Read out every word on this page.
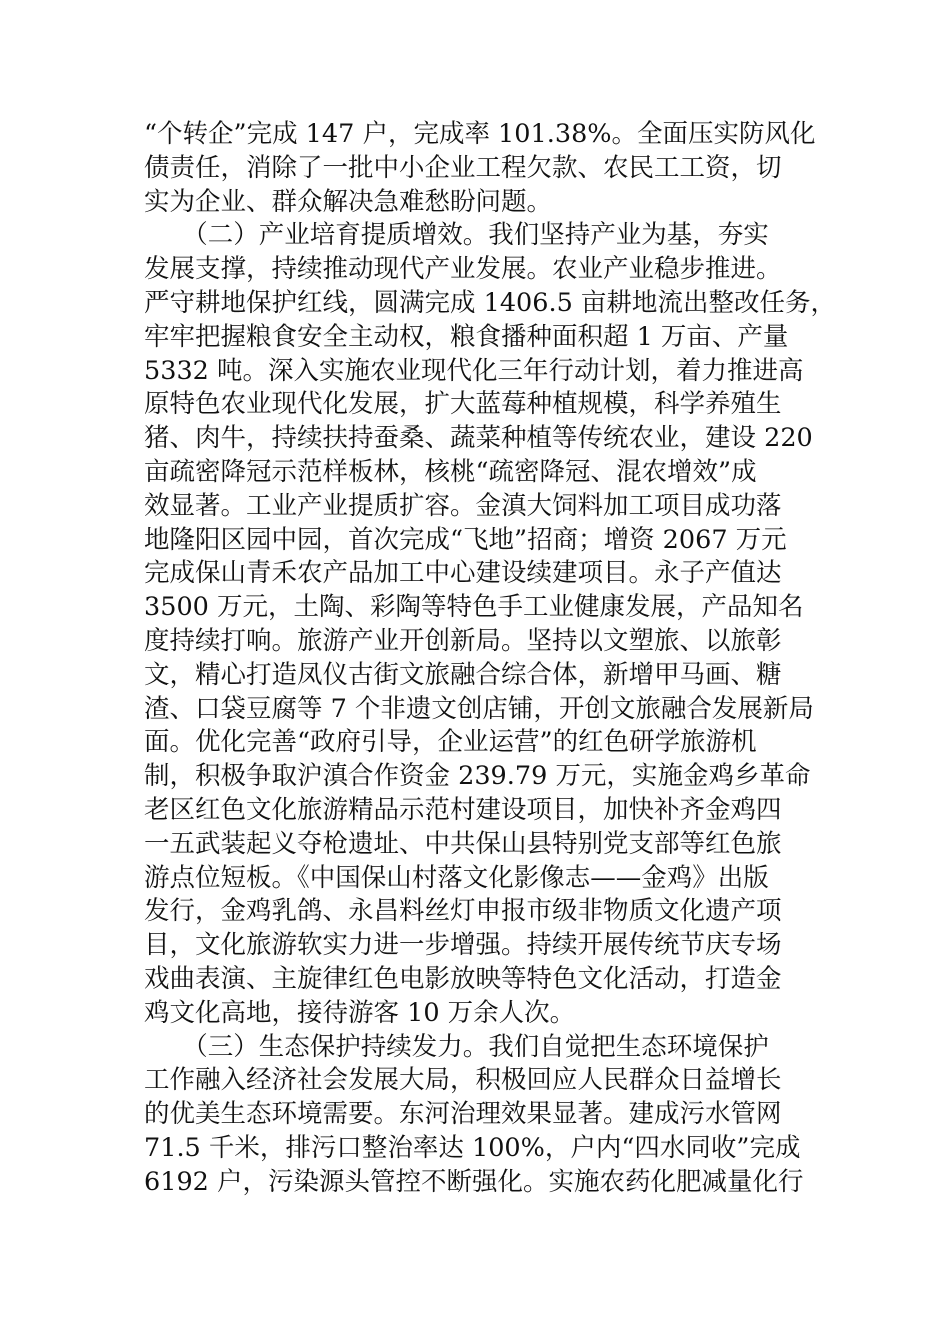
“个转企”完成 147 户，完成率 101.38%。全面压实防风化
债责任，消除了一批中小企业工程欠款、农民工工资，切
实为企业、群众解决急难愁盼问题。
　　（二）产业培育提质增效。我们坚持产业为基，夯实
发展支撑，持续推动现代产业发展。农业产业稳步推进。
严守耕地保护红线，圆满完成 1406.5 亩耕地流出整改任务，
牢牢把握粮食安全主动权，粮食播种面积超 1 万亩、产量
5332 吨。深入实施农业现代化三年行动计划，着力推进高
原特色农业现代化发展，扩大蓝莓种植规模，科学养殖生
猪、肉牛，持续扶持蚕桑、蔬菜种植等传统农业，建设 220
亩疏密降冠示范样板林，核桃“疏密降冠、混农增效”成
效显著。工业产业提质扩容。金滇大饲料加工项目成功落
地隆阳区园中园，首次完成“飞地”招商；增资 2067 万元
完成保山青禾农产品加工中心建设续建项目。永子产值达
3500 万元，土陶、彩陶等特色手工业健康发展，产品知名
度持续打响。旅游产业开创新局。坚持以文塑旅、以旅彰
文，精心打造凤仪古街文旅融合综合体，新增甲马画、糖
渣、口袋豆腐等 7 个非遗文创店铺，开创文旅融合发展新局
面。优化完善“政府引导，企业运营”的红色研学旅游机
制，积极争取沪滇合作资金 239.79 万元，实施金鸡乡革命
老区红色文化旅游精品示范村建设项目，加快补齐金鸡四
一五武装起义夺枪遗址、中共保山县特别党支部等红色旅
游点位短板。《中国保山村落文化影像志——金鸡》出版
发行，金鸡乳鸽、永昌料丝灯申报市级非物质文化遗产项
目，文化旅游软实力进一步增强。持续开展传统节庆专场
戏曲表演、主旋律红色电影放映等特色文化活动，打造金
鸡文化高地，接待游客 10 万余人次。
　　（三）生态保护持续发力。我们自觉把生态环境保护
工作融入经济社会发展大局，积极回应人民群众日益增长
的优美生态环境需要。东河治理效果显著。建成污水管网
71.5 千米，排污口整治率达 100%，户内“四水同收”完成
6192 户，污染源头管控不断强化。实施农药化肥减量化行
